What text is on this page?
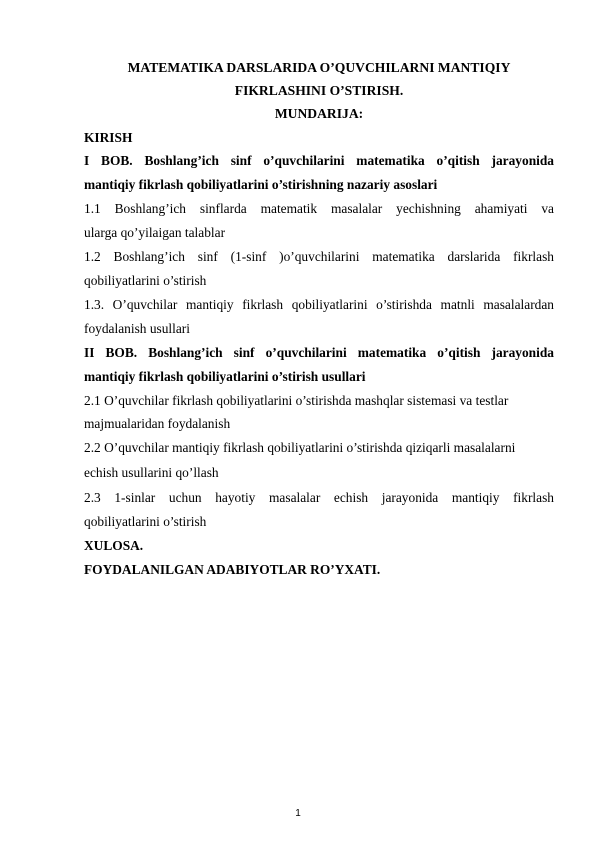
MATEMATIKA DARSLARIDA O’QUVCHILARNI MANTIQIY
FIKRLASHINI O’STIRISH.
MUNDARIJA:
KIRISH
I BOB. Boshlang’ich sinf o’quvchilarini matematika o’qitish jarayonida
mantiqiy fikrlash qobiliyatlarini o’stirishning nazariy asoslari
1.1 Boshlang’ich sinflarda matematik masalalar yechishning ahamiyati va
ularga qo’yilaigan talablar
1.2 Boshlang’ich sinf (1-sinf )o’quvchilarini matematika darslarida fikrlash
qobiliyatlarini o’stirish
1.3. O’quvchilar mantiqiy fikrlash qobiliyatlarini o’stirishda matnli masalalardan
foydalanish usullari
II BOB. Boshlang’ich sinf o’quvchilarini matematika o’qitish jarayonida
mantiqiy fikrlash qobiliyatlarini o’stirish usullari
2.1 O’quvchilar fikrlash qobiliyatlarini o’stirishda mashqlar sistemasi va testlar
majmualaridan foydalanish
2.2 O’quvchilar mantiqiy fikrlash qobiliyatlarini o’stirishda qiziqarli masalalarni
echish usullarini qo’llash
2.3 1-sinlar uchun hayotiy masalalar echish jarayonida mantiqiy fikrlash
qobiliyatlarini o’stirish
XULOSA.
FOYDALANILGAN ADABIYOTLAR RO’YXATI.
1
